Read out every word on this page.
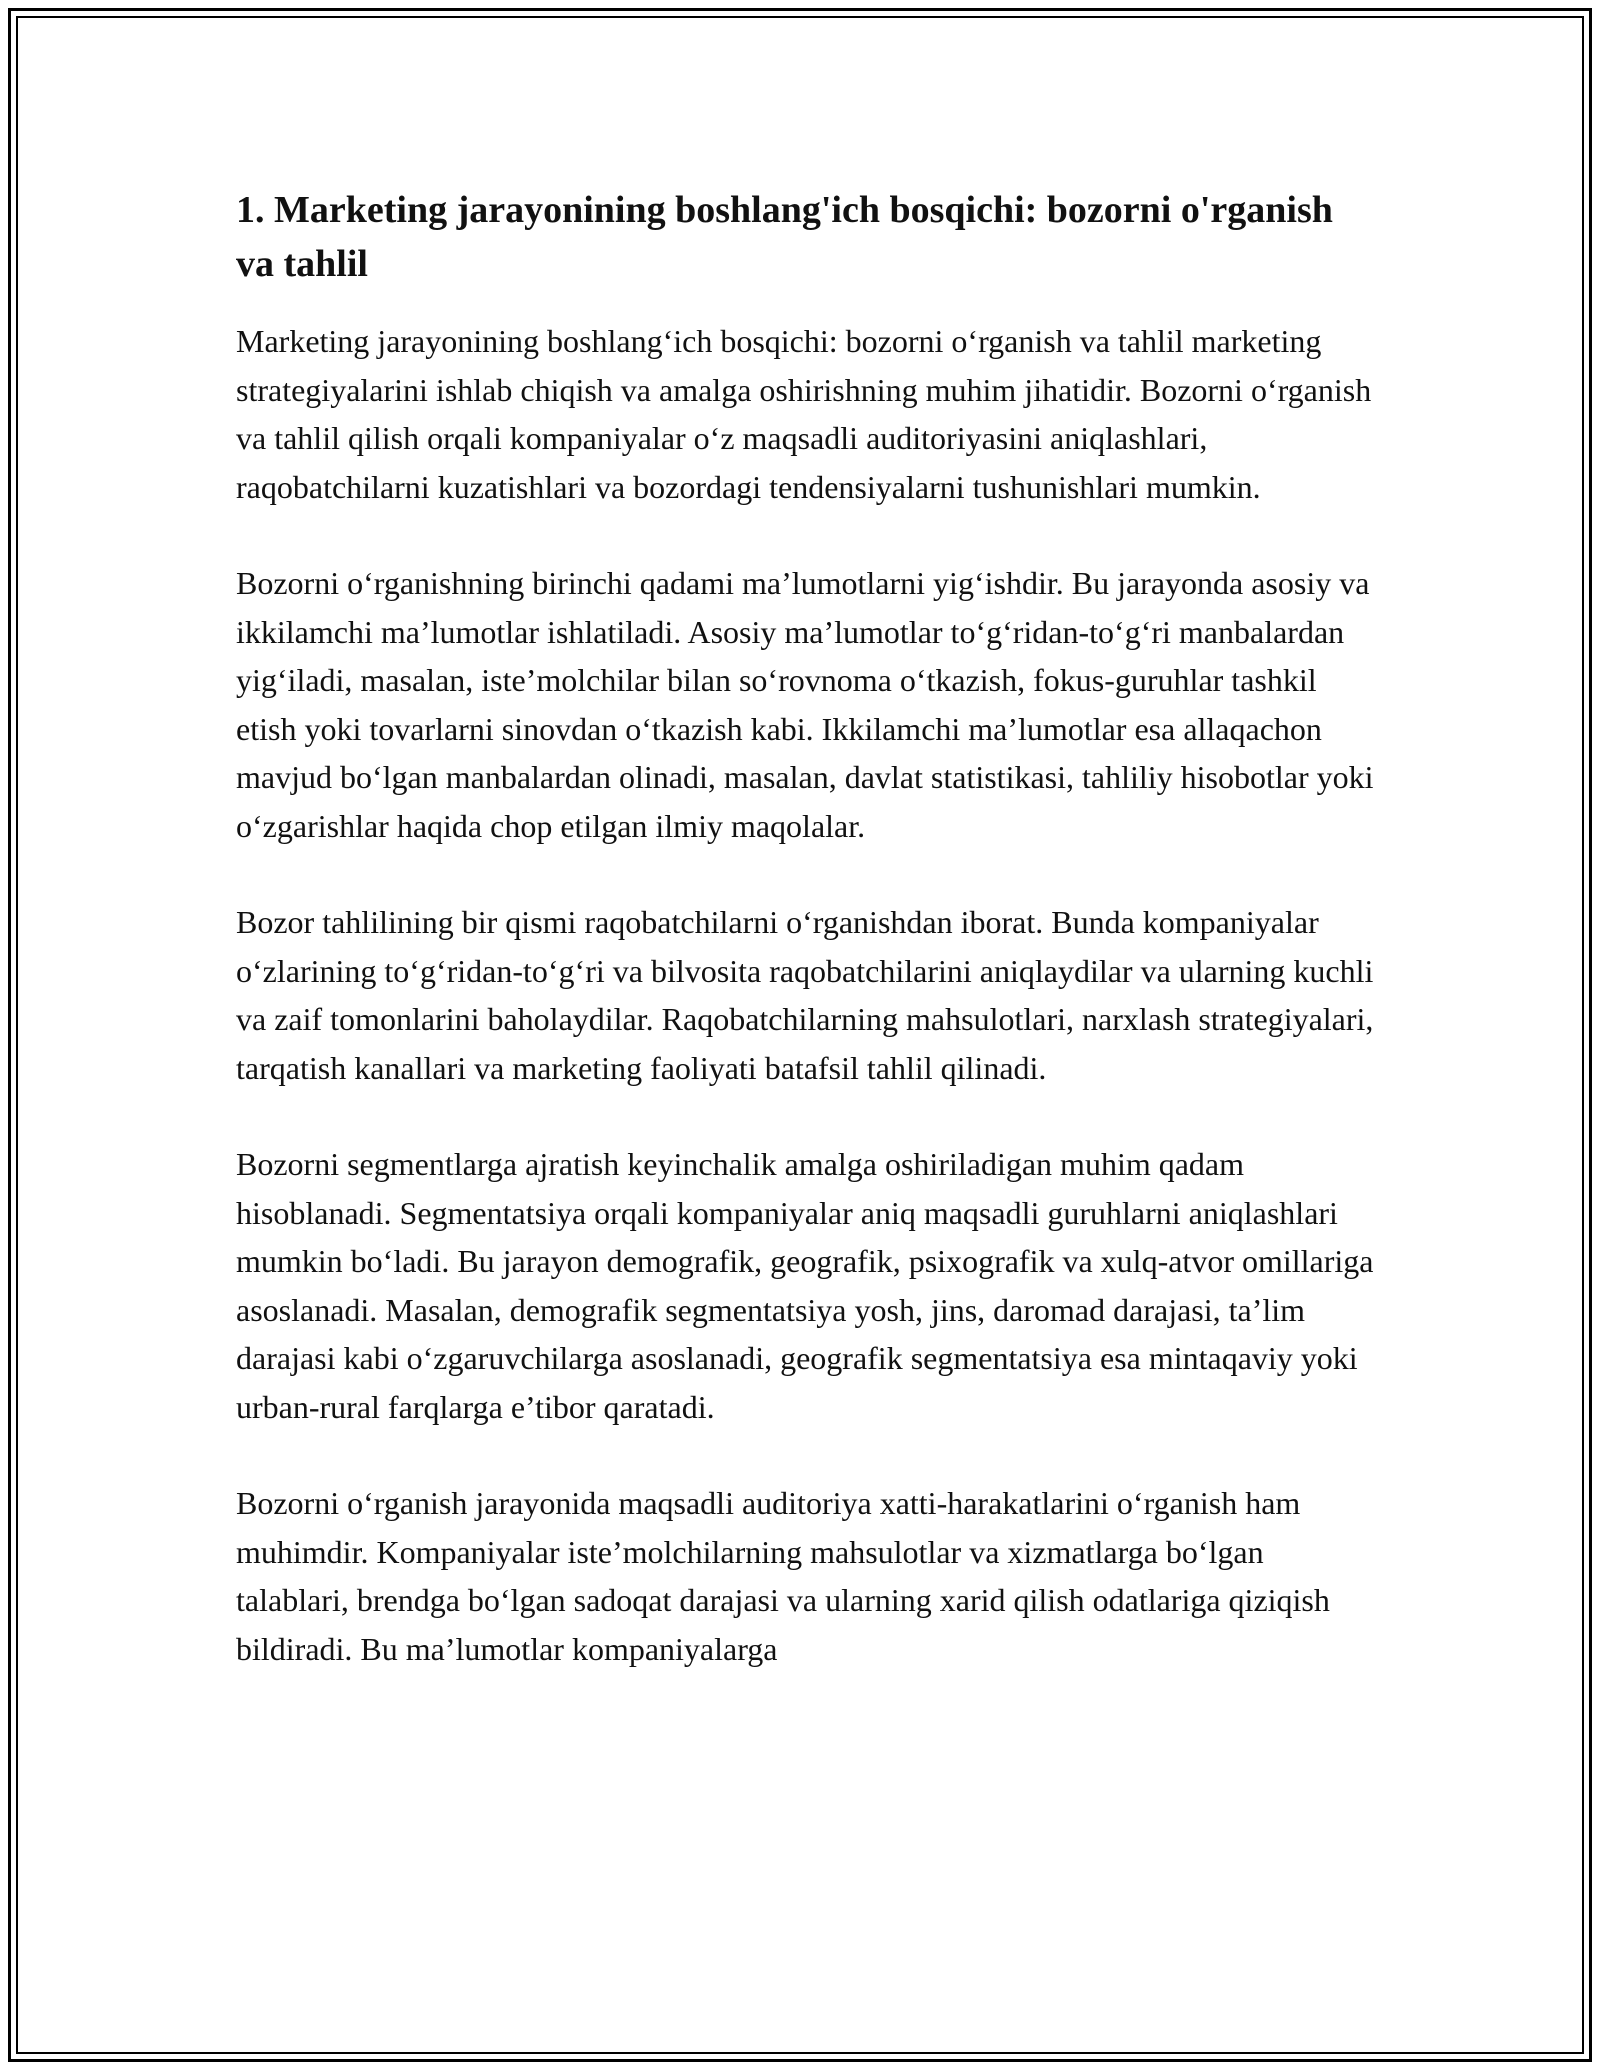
1. Marketing jarayonining boshlang'ich bosqichi: bozorni o'rganish va tahlil

Marketing jarayonining boshlang‘ich bosqichi: bozorni o‘rganish va tahlil marketing strategiyalarini ishlab chiqish va amalga oshirishning muhim jihatidir. Bozorni o‘rganish va tahlil qilish orqali kompaniyalar o‘z maqsadli auditoriyasini aniqlashlari, raqobatchilarni kuzatishlari va bozordagi tendensiyalarni tushunishlari mumkin.

Bozorni o‘rganishning birinchi qadami ma’lumotlarni yig‘ishdir. Bu jarayonda asosiy va ikkilamchi ma’lumotlar ishlatiladi. Asosiy ma’lumotlar to‘g‘ridan-to‘g‘ri manbalardan yig‘iladi, masalan, iste’molchilar bilan so‘rovnoma o‘tkazish, fokus-guruhlar tashkil etish yoki tovarlarni sinovdan o‘tkazish kabi. Ikkilamchi ma’lumotlar esa allaqachon mavjud bo‘lgan manbalardan olinadi, masalan, davlat statistikasi, tahliliy hisobotlar yoki o‘zgarishlar haqida chop etilgan ilmiy maqolalar.

Bozor tahlilining bir qismi raqobatchilarni o‘rganishdan iborat. Bunda kompaniyalar o‘zlarining to‘g‘ridan-to‘g‘ri va bilvosita raqobatchilarini aniqlaydilar va ularning kuchli va zaif tomonlarini baholaydilar. Raqobatchilarning mahsulotlari, narxlash strategiyalari, tarqatish kanallari va marketing faoliyati batafsil tahlil qilinadi.

Bozorni segmentlarga ajratish keyinchalik amalga oshiriladigan muhim qadam hisoblanadi. Segmentatsiya orqali kompaniyalar aniq maqsadli guruhlarni aniqlashlari mumkin bo‘ladi. Bu jarayon demografik, geografik, psixografik va xulq-atvor omillariga asoslanadi. Masalan, demografik segmentatsiya yosh, jins, daromad darajasi, ta’lim darajasi kabi o‘zgaruvchilarga asoslanadi, geografik segmentatsiya esa mintaqaviy yoki urban-rural farqlarga e’tibor qaratadi.

Bozorni o‘rganish jarayonida maqsadli auditoriya xatti-harakatlarini o‘rganish ham muhimdir. Kompaniyalar iste’molchilarning mahsulotlar va xizmatlarga bo‘lgan talablari, brendga bo‘lgan sadoqat darajasi va ularning xarid qilish odatlariga qiziqish bildiradi. Bu ma’lumotlar kompaniyalarga
